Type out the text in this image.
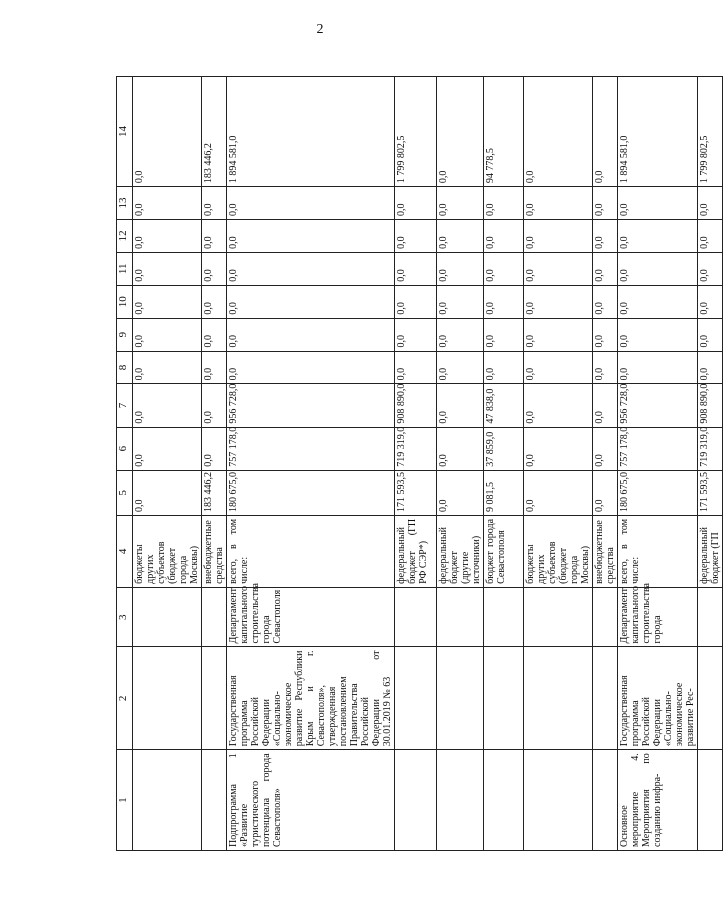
2
1	2	3	4	5	6	7	8	9	10	11	12	13	14
			бюджеты других субъектов (бюджет города Москвы)	0,0	0,0	0,0	0,0	0,0	0,0	0,0	0,0	0,0	0,0
			внебюджетные средства	183 446,2	0,0	0,0	0,0	0,0	0,0	0,0	0,0	0,0	183 446,2
Подпрограмма 1 «Развитие туристического потенциала города Севастополя»	Государственная программа Российской Федерации «Социально-экономическое развитие Республики Крым и г. Севастополя», утвержденная постановлением Правительства Российской Федерации от 30.01.2019 № 63	Департамент капитального строительства города Севастополя	всего, в том числе:	180 675,0	757 178,0	956 728,0	0,0	0,0	0,0	0,0	0,0	0,0	1 894 581,0
			федеральный бюджет (ГП РФ СЭР*)	171 593,5	719 319,0	908 890,0	0,0	0,0	0,0	0,0	0,0	0,0	1 799 802,5
			федеральный бюджет (другие источники)	0,0	0,0	0,0	0,0	0,0	0,0	0,0	0,0	0,0	0,0
			бюджет города Севастополя	9 081,5	37 859,0	47 838,0	0,0	0,0	0,0	0,0	0,0	0,0	94 778,5
			бюджеты других субъектов (бюджет города Москвы)	0,0	0,0	0,0	0,0	0,0	0,0	0,0	0,0	0,0	0,0
			внебюджетные средства	0,0	0,0	0,0	0,0	0,0	0,0	0,0	0,0	0,0	0,0
Основное мероприятие 4. Мероприятия по созданию инфра-	Государственная программа Российской Федерации «Социально-экономическое развитие Рес-	Департамент капитального строительства города	всего, в том числе:	180 675,0	757 178,0	956 728,0	0,0	0,0	0,0	0,0	0,0	0,0	1 894 581,0
			федеральный бюджет (ГП	171 593,5	719 319,0	908 890,0	0,0	0,0	0,0	0,0	0,0	0,0	1 799 802,5
